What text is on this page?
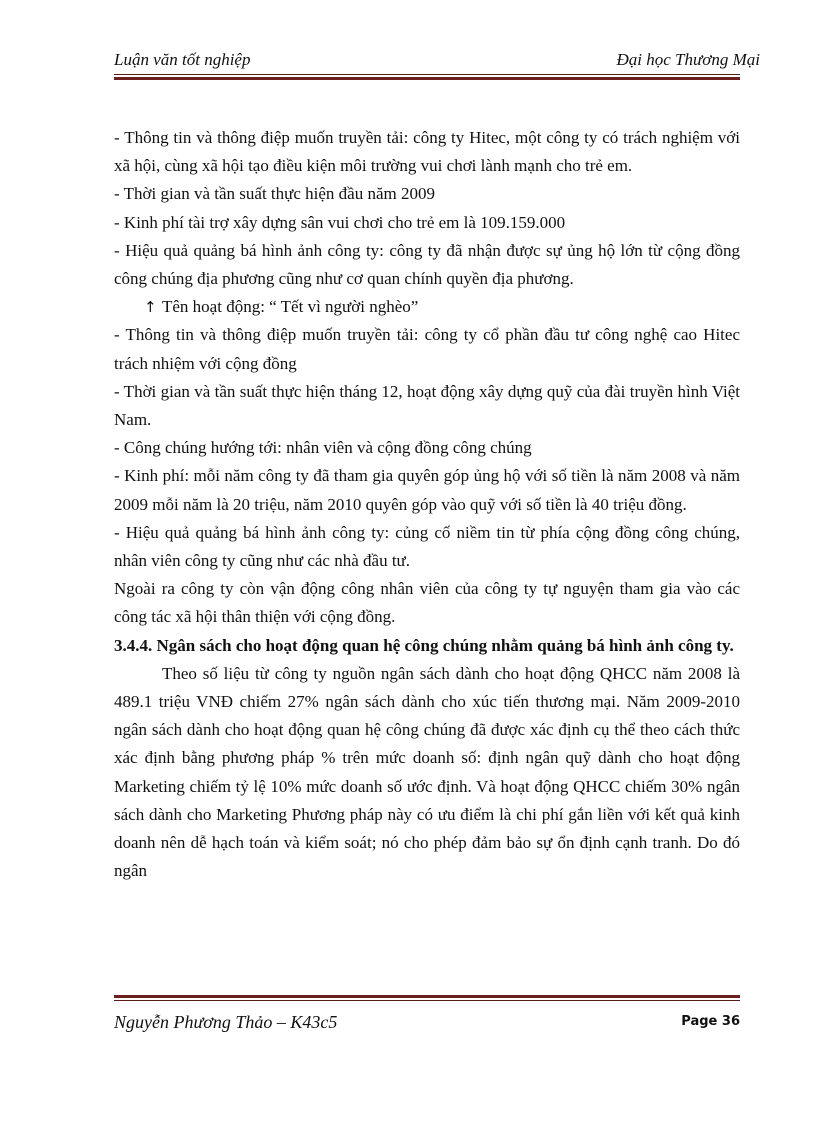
Luận văn tốt nghiệp	Đại học Thương Mại

- Thông tin và thông điệp muốn truyền tải: công ty Hitec, một công ty có trách nghiệm với xã hội, cùng xã hội tạo điều kiện môi trường vui chơi lành mạnh cho trẻ em.

- Thời gian và tần suất thực hiện đầu năm 2009

- Kinh phí tài trợ xây dựng sân vui chơi cho trẻ em là 109.159.000

- Hiệu quả quảng bá hình ảnh công ty: công ty đã nhận được sự ủng hộ lớn từ cộng đồng công chúng địa phương cũng như cơ quan chính quyền địa phương.

↑ Tên hoạt động: “ Tết vì người nghèo”

- Thông tin và thông điệp muốn truyền tải: công ty cổ phần đầu tư công nghệ cao Hitec trách nhiệm với cộng đồng

- Thời gian và tần suất thực hiện tháng 12, hoạt động xây dựng quỹ của đài truyền hình Việt Nam.

- Công chúng hướng tới: nhân viên và cộng đồng công chúng

- Kinh phí: mỗi năm công ty đã tham gia quyên góp ủng hộ với số tiền là năm 2008 và năm 2009 mỗi năm là 20 triệu, năm 2010 quyên góp vào quỹ với số tiền là 40 triệu đồng.

- Hiệu quả quảng bá hình ảnh công ty: củng cố niềm tin từ phía cộng đồng công chúng, nhân viên công ty cũng như các nhà đầu tư.

Ngoài ra công ty còn vận động công nhân viên của công ty tự nguyện tham gia vào các công tác xã hội thân thiện với cộng đồng.

3.4.4. Ngân sách cho hoạt động quan hệ công chúng nhằm quảng bá hình ảnh công ty.

Theo số liệu từ công ty nguồn ngân sách dành cho hoạt động QHCC năm 2008 là 489.1 triệu VNĐ chiếm 27% ngân sách dành cho xúc tiến thương mại. Năm 2009-2010 ngân sách dành cho hoạt động quan hệ công chúng đã được xác định cụ thể theo cách thức xác định bằng phương pháp % trên mức doanh số: định ngân quỹ dành cho hoạt động Marketing chiếm tỷ lệ 10% mức doanh số ước định. Và hoạt động QHCC chiếm 30% ngân sách dành cho Marketing Phương pháp này có ưu điểm là chi phí gắn liền với kết quả kinh doanh nên dễ hạch toán và kiểm soát; nó cho phép đảm bảo sự ổn định cạnh tranh. Do đó ngân

Nguyễn Phương Thảo – K43c5	Page 36
